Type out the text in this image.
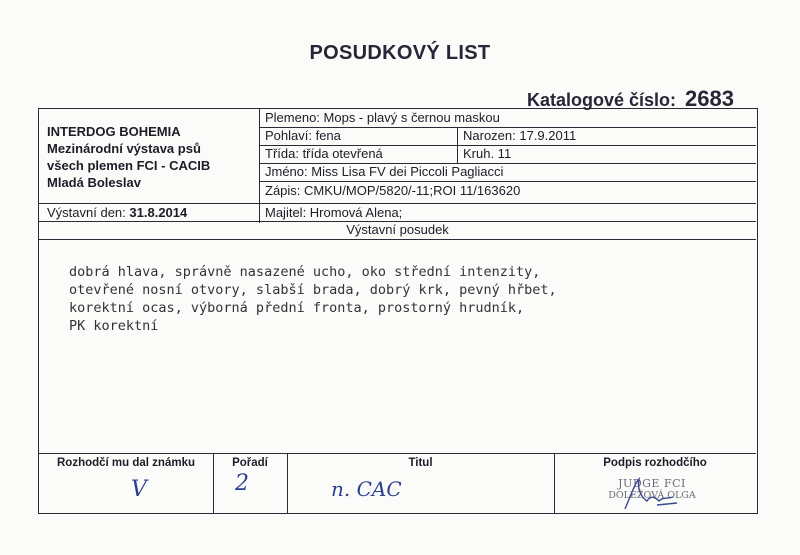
POSUDKOVÝ LIST
Katalogové číslo: 2683
INTERDOG BOHEMIA
Mezinárodní výstava psů
všech plemen FCI - CACIB
Mladá Boleslav
Výstavní den: 31.8.2014
Plemeno: Mops - plavý s černou maskou
Pohlaví: fena	Narozen: 17.9.2011
Třída: třída otevřená	Kruh. 11
Jméno: Miss Lisa FV dei Piccoli Pagliacci
Zápis: CMKU/MOP/5820/-11;ROI 11/163620
Majitel: Hromová Alena;
Výstavní posudek
dobrá hlava, správně nasazené ucho, oko střední intenzity,
otevřené nosní otvory, slabší brada, dobrý krk, pevný hřbet,
korektní ocas, výborná přední fronta, prostorný hrudník,
PK korektní
Rozhodčí mu dal známku	Pořadí	Titul	Podpis rozhodčího
V	2	n. CAC	JUDGE FCI
DOLEŽOVÁ OLGA
